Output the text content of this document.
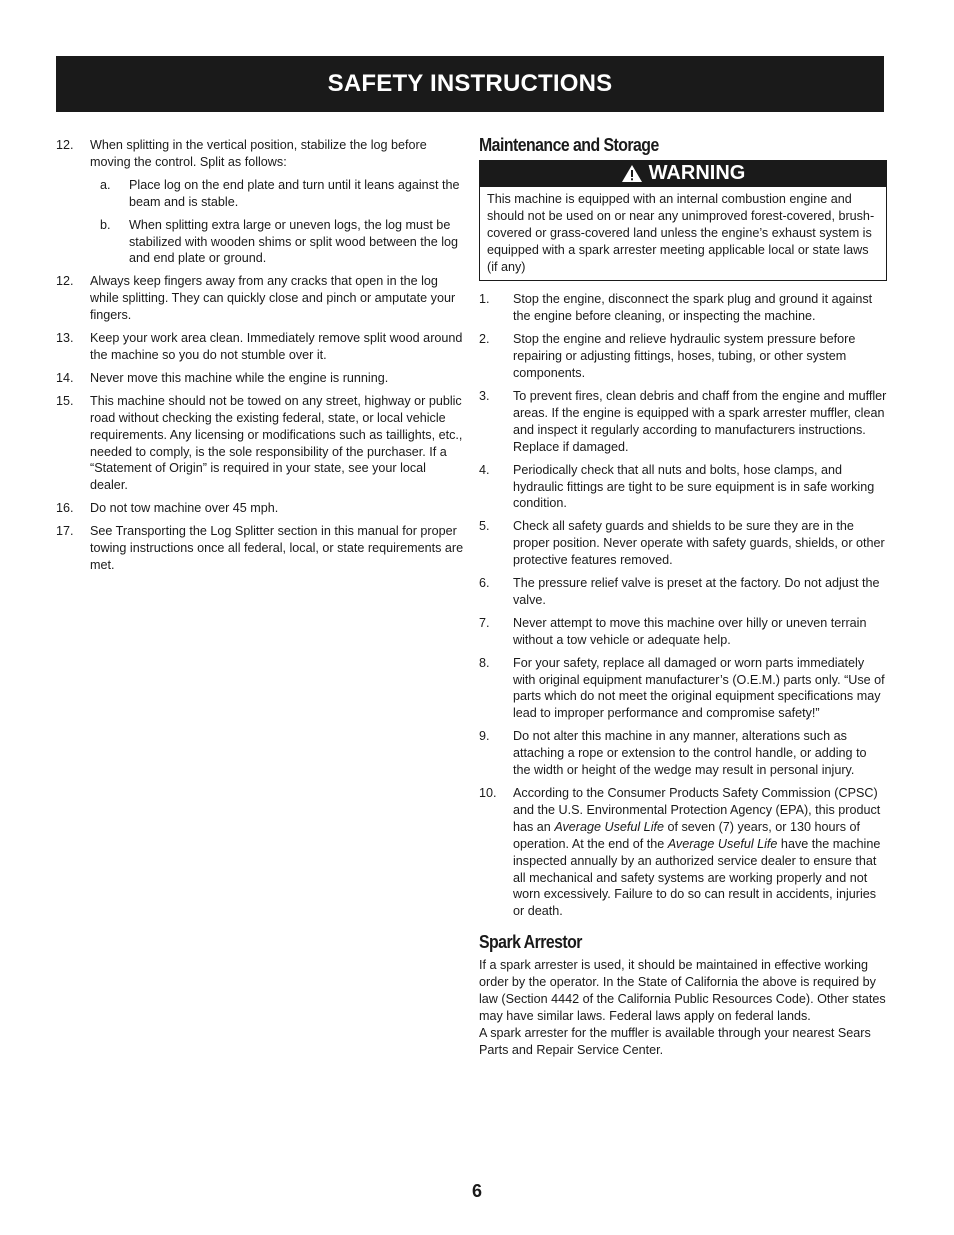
SAFETY INSTRUCTIONS
12.	When splitting in the vertical position, stabilize the log before moving the control. Split as follows:
a.	Place log on the end plate and turn until it leans against the beam and is stable.
b.	When splitting extra large or uneven logs, the log must be stabilized with wooden shims or split wood between the log and end plate or ground.
12.	Always keep fingers away from any cracks that open in the log while splitting. They can quickly close and pinch or amputate your fingers.
13.	Keep your work area clean. Immediately remove split wood around the machine so you do not stumble over it.
14.	Never move this machine while the engine is running.
15.	This machine should not be towed on any street, highway or public road without checking the existing federal, state, or local vehicle requirements. Any licensing or modifications such as taillights, etc., needed to comply, is the sole responsibility of the purchaser. If a “Statement of Origin” is required in your state, see your local dealer.
16.	Do not tow machine over 45 mph.
17.	See Transporting the Log Splitter section in this manual for proper towing instructions once all federal, local, or state requirements are met.
Maintenance and Storage
WARNING
This machine is equipped with an internal combustion engine and should not be used on or near any unimproved forest-covered, brush-covered or grass-covered land unless the engine’s exhaust system is equipped with a spark arrester meeting applicable local or state laws (if any)
1.	Stop the engine, disconnect the spark plug and ground it against the engine before cleaning, or inspecting the machine.
2.	Stop the engine and relieve hydraulic system pressure before repairing or adjusting fittings, hoses, tubing, or other system components.
3.	To prevent fires, clean debris and chaff from the engine and muffler areas. If the engine is equipped with a spark arrester muffler, clean and inspect it regularly according to manufacturers instructions. Replace if damaged.
4.	Periodically check that all nuts and bolts, hose clamps, and hydraulic fittings are tight to be sure equipment is in safe working condition.
5.	Check all safety guards and shields to be sure they are in the proper position. Never operate with safety guards, shields, or other protective features removed.
6.	The pressure relief valve is preset at the factory. Do not adjust the valve.
7.	Never attempt to move this machine over hilly or uneven terrain without a tow vehicle or adequate help.
8.	For your safety, replace all damaged or worn parts immediately with original equipment manufacturer’s (O.E.M.) parts only. “Use of parts which do not meet the original equipment specifications may lead to improper performance and compromise safety!”
9.	Do not alter this machine in any manner, alterations such as attaching a rope or extension to the control handle, or adding to the width or height of the wedge may result in personal injury.
10.	According to the Consumer Products Safety Commission (CPSC) and the U.S. Environmental Protection Agency (EPA), this product has an Average Useful Life of seven (7) years, or 130 hours of operation. At the end of the Average Useful Life have the machine inspected annually by an authorized service dealer to ensure that all mechanical and safety systems are working properly and not worn excessively. Failure to do so can result in accidents, injuries or death.
Spark Arrestor

If a spark arrester is used, it should be maintained in effective working order by the operator. In the State of California the above is required by law (Section 4442 of the California Public Resources Code). Other states may have similar laws. Federal laws apply on federal lands.

A spark arrester for the muffler is available through your nearest Sears Parts and Repair Service Center.

6
